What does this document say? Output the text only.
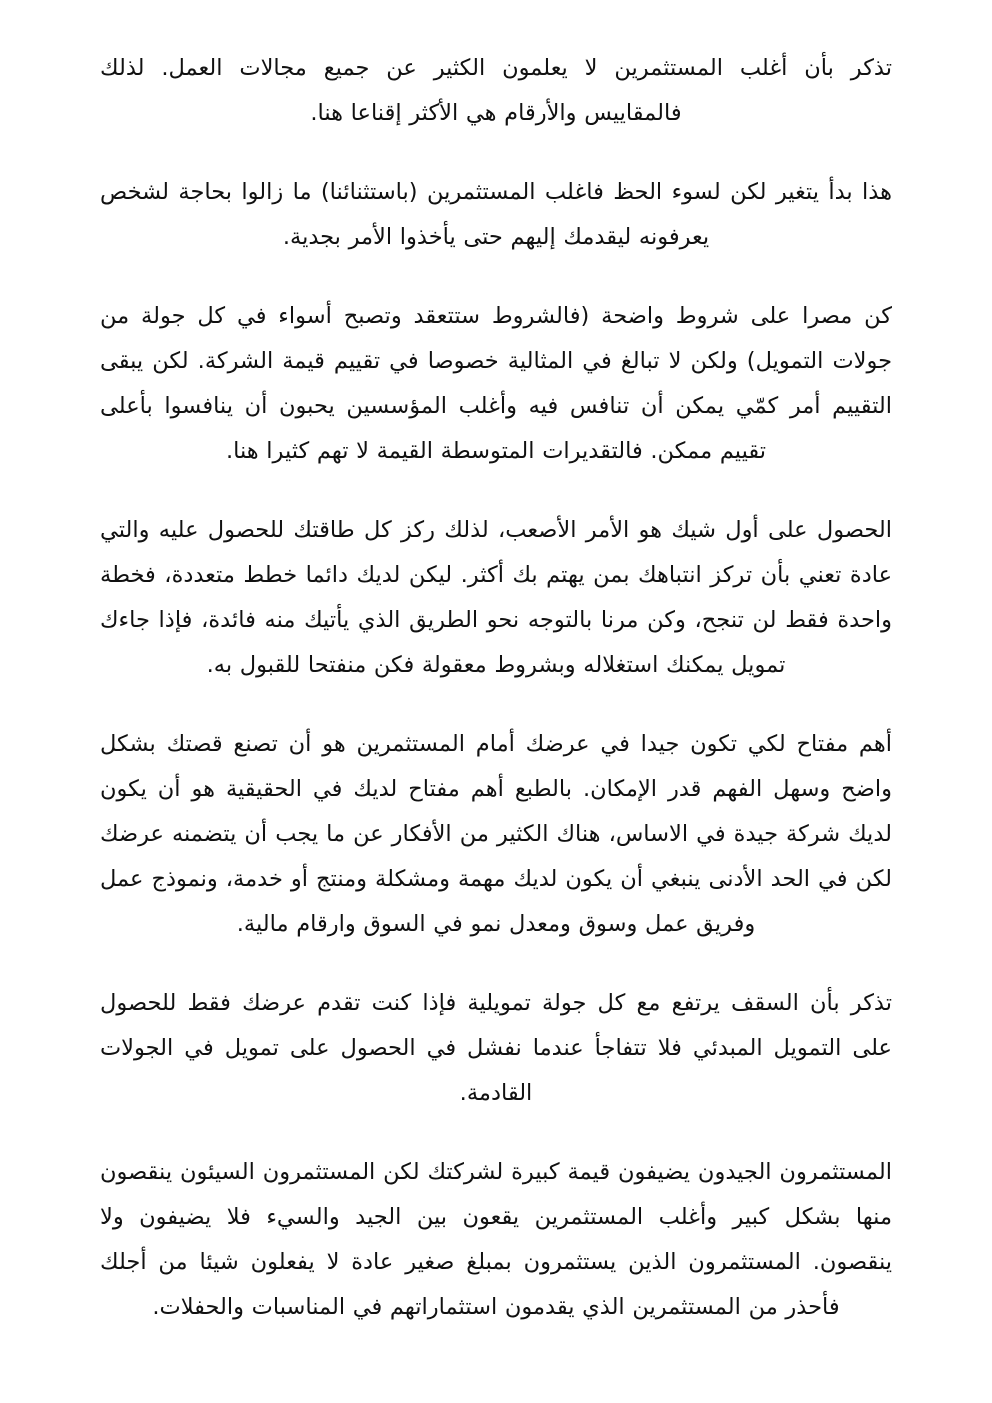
تذكر بأن أغلب المستثمرين لا يعلمون الكثير عن جميع مجالات العمل. لذلك فالمقاييس والأرقام هي الأكثر إقناعا هنا.

هذا بدأ يتغير لكن لسوء الحظ فاغلب المستثمرين (باستثنائنا) ما زالوا بحاجة لشخص يعرفونه ليقدمك إليهم حتى يأخذوا الأمر بجدية.

كن مصرا على شروط واضحة (فالشروط ستتعقد وتصبح أسواء في كل جولة من جولات التمويل) ولكن لا تبالغ في المثالية خصوصا في تقييم قيمة الشركة. لكن يبقى التقييم أمر كمّي يمكن أن تنافس فيه وأغلب المؤسسين يحبون أن ينافسوا بأعلى تقييم ممكن. فالتقديرات المتوسطة القيمة لا تهم كثيرا هنا.

الحصول على أول شيك هو الأمر الأصعب، لذلك ركز كل طاقتك للحصول عليه والتي عادة تعني بأن تركز انتباهك بمن يهتم بك أكثر. ليكن لديك دائما خطط متعددة، فخطة واحدة فقط لن تنجح، وكن مرنا بالتوجه نحو الطريق الذي يأتيك منه فائدة، فإذا جاءك تمويل يمكنك استغلاله وبشروط معقولة فكن منفتحا للقبول به.

أهم مفتاح لكي تكون جيدا في عرضك أمام المستثمرين هو أن تصنع قصتك بشكل واضح وسهل الفهم قدر الإمكان. بالطبع أهم مفتاح لديك في الحقيقية هو أن يكون لديك شركة جيدة في الاساس، هناك الكثير من الأفكار عن ما يجب أن يتضمنه عرضك لكن في الحد الأدنى ينبغي أن يكون لديك مهمة ومشكلة ومنتج أو خدمة، ونموذج عمل وفريق عمل وسوق ومعدل نمو في السوق وارقام مالية.

تذكر بأن السقف يرتفع مع كل جولة تمويلية فإذا كنت تقدم عرضك فقط للحصول على التمويل المبدئي فلا تتفاجأ عندما نفشل في الحصول على تمويل في الجولات القادمة.

المستثمرون الجيدون يضيفون قيمة كبيرة لشركتك لكن المستثمرون السيئون ينقصون منها بشكل كبير وأغلب المستثمرين يقعون بين الجيد والسيء فلا يضيفون ولا ينقصون. المستثمرون الذين يستثمرون بمبلغ صغير عادة لا يفعلون شيئا من أجلك فأحذر من المستثمرين الذي يقدمون استثماراتهم في المناسبات والحفلات.
